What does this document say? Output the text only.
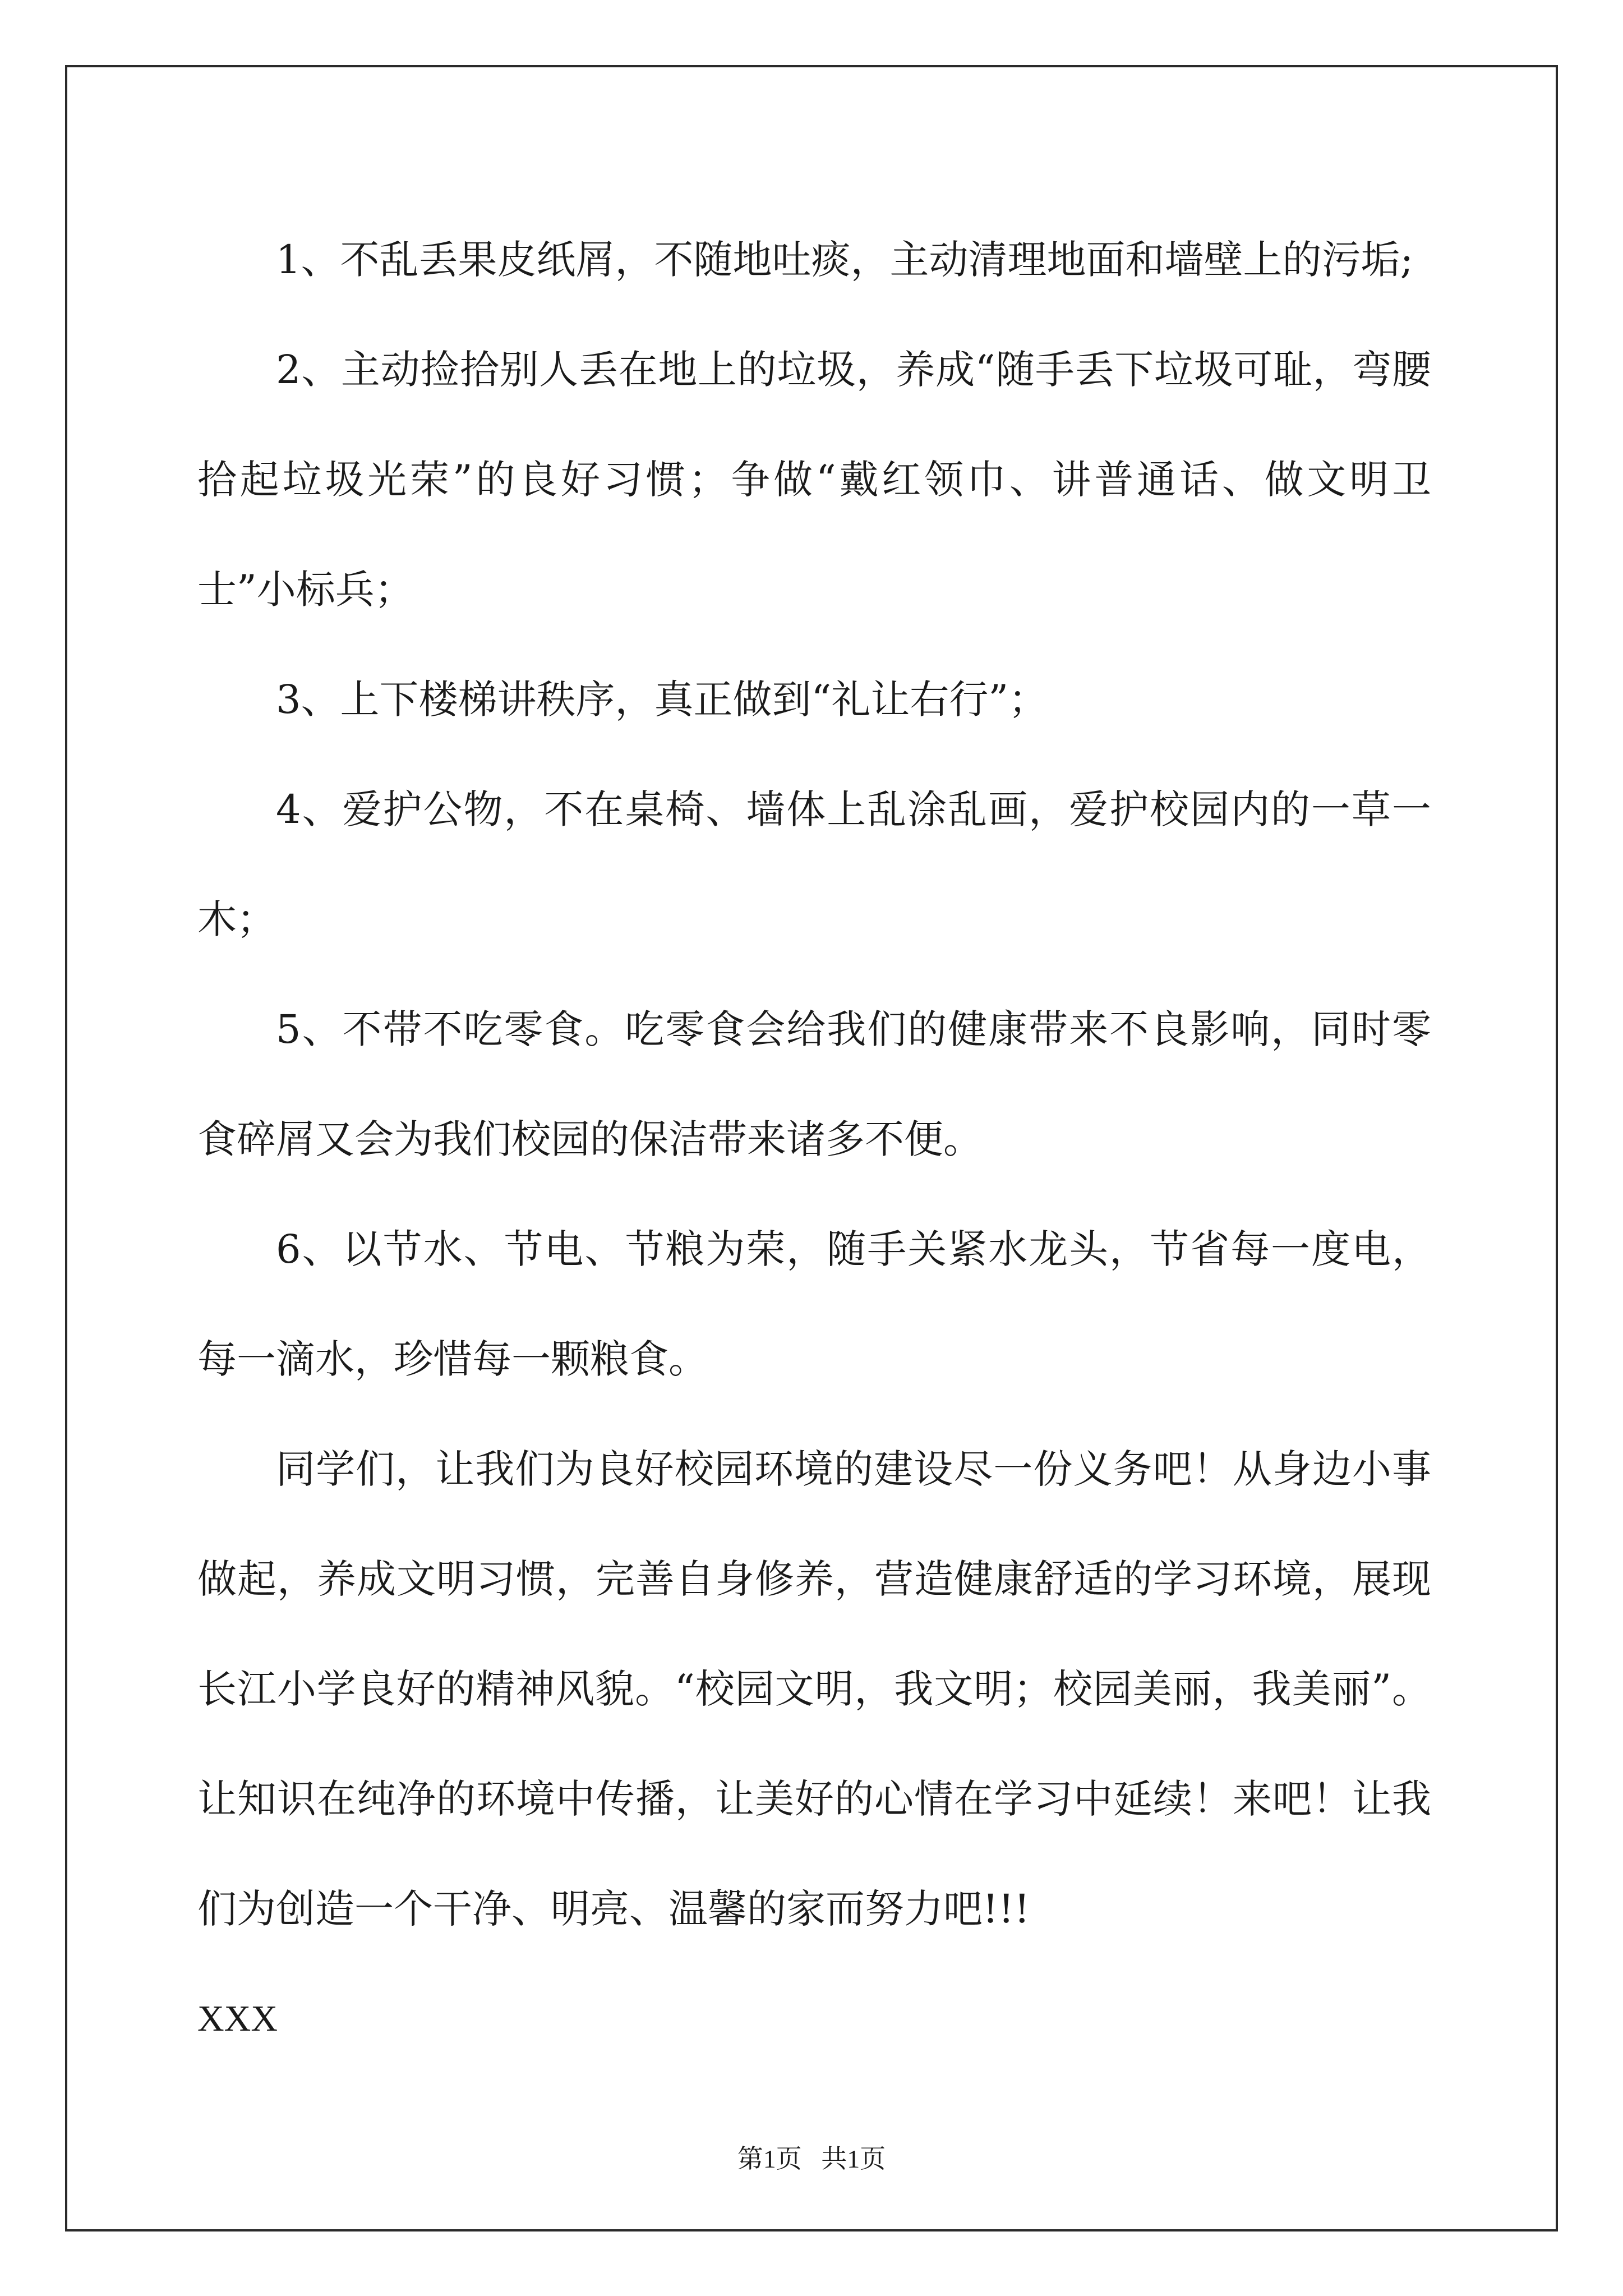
1、不乱丢果皮纸屑，不随地吐痰，主动清理地面和墙壁上的污垢;

2、主动捡拾别人丢在地上的垃圾，养成“随手丢下垃圾可耻，弯腰拾起垃圾光荣”的良好习惯；争做“戴红领巾、讲普通话、做文明卫士”小标兵；

3、上下楼梯讲秩序，真正做到“礼让右行”；

4、爱护公物，不在桌椅、墙体上乱涂乱画，爱护校园内的一草一木；

5、不带不吃零食。吃零食会给我们的健康带来不良影响，同时零食碎屑又会为我们校园的保洁带来诸多不便。

6、以节水、节电、节粮为荣，随手关紧水龙头，节省每一度电，每一滴水，珍惜每一颗粮食。

同学们，让我们为良好校园环境的建设尽一份义务吧！从身边小事做起，养成文明习惯，完善自身修养，营造健康舒适的学习环境，展现长江小学良好的精神风貌。“校园文明，我文明；校园美丽，我美丽”。让知识在纯净的环境中传播，让美好的心情在学习中延续！来吧！让我们为创造一个干净、明亮、温馨的家而努力吧!!!

XXX

第1页 共1页
